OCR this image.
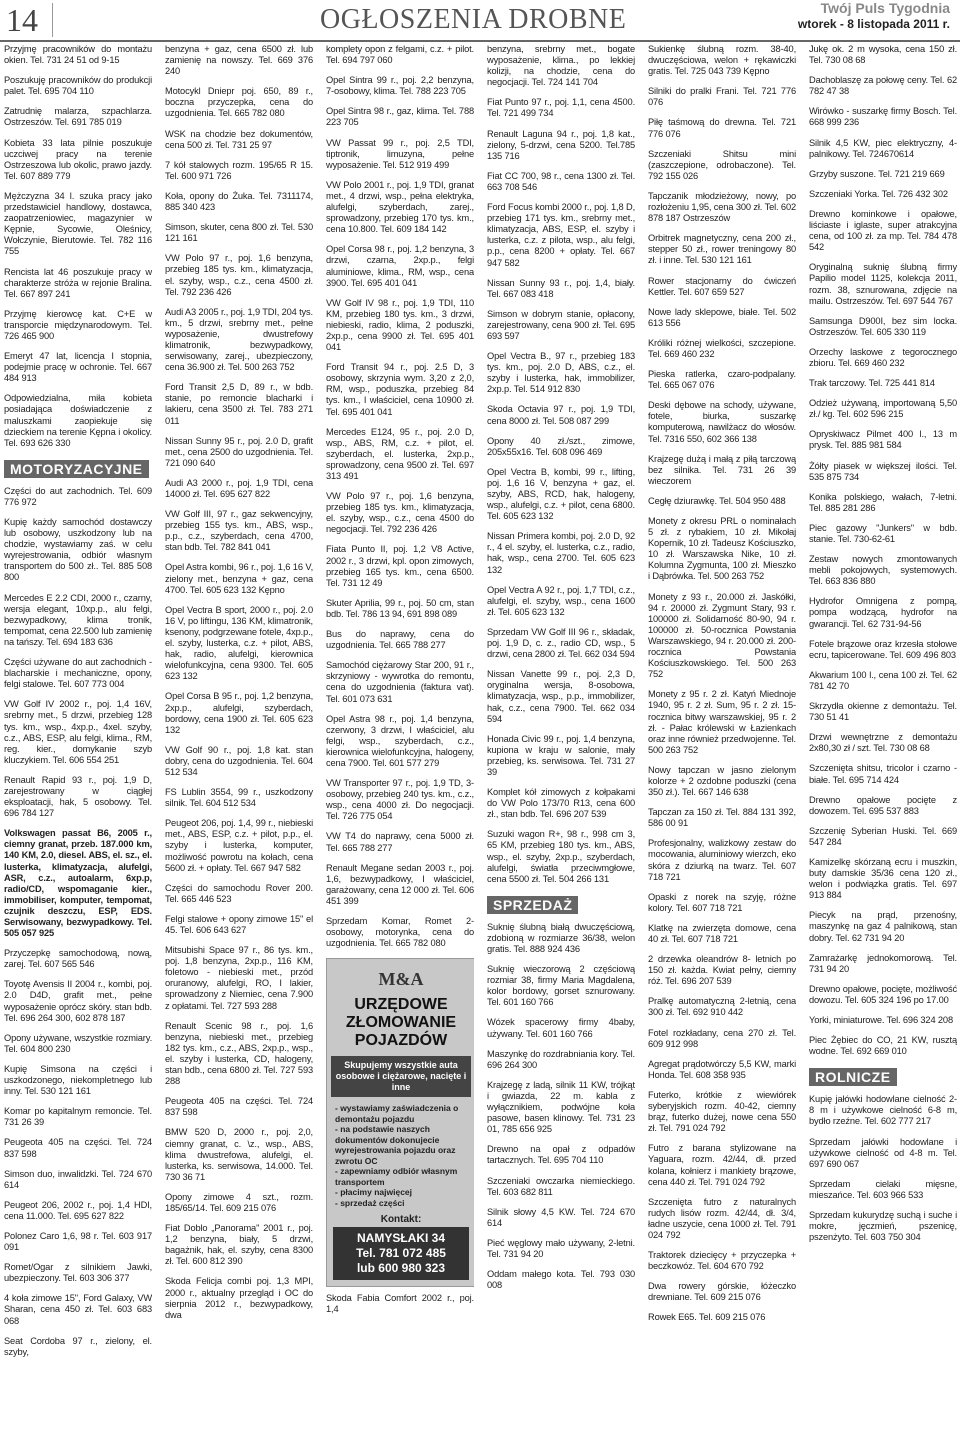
14	OGŁOSZENIA DROBNE	Twój Puls Tygodnia
wtorek - 8 listopada 2011 r.

Przyjmę pracowników do montażu okien. Tel. 731 24 51 od 9-15

Poszukuję pracowników do produkcji palet. Tel. 695 704 110

Zatrudnię malarza, szpachlarza. Ostrzeszów. Tel. 691 785 019

Kobieta 33 lata pilnie poszukuje uczciwej pracy na terenie Ostrzeszowa lub okolic, prawo jazdy. Tel. 607 889 779

Mężczyzna 34 l. szuka pracy jako przedstawiciel handlowy, dostawca, zaopatrzeniowiec, magazynier w Kępnie, Sycowie, Oleśnicy, Wołczynie, Bierutowie. Tel. 782 116 755

Rencista lat 46 poszukuje pracy w charakterze stróża w rejonie Bralina. Tel. 667 897 241

Przyjmę kierowcę kat. C+E w transporcie międzynarodowym. Tel. 726 465 900

Emeryt 47 lat, licencja I stopnia, podejmie pracę w ochronie. Tel. 667 484 913

Odpowiedzialna, miła kobieta posiadająca doświadczenie z maluszkami zaopiekuje się dzieckiem na terenie Kępna i okolicy. Tel. 693 626 330

MOTORYZACYJNE

Części do aut zachodnich. Tel. 609 776 972

Kupię każdy samochód dostawczy lub osobowy, uszkodzony lub na chodzie, wystawiamy zaś. w celu wyrejestrowania, odbiór własnym transportem do 500 zł.. Tel. 885 508 800

Mercedes E 2.2 CDI, 2000 r., czarny, wersja elegant, 10xp.p., alu felgi, bezwypadkowy, klima tronik, tempomat, cena 22.500 lub zamienię na tańszy. Tel. 694 183 636

Części używane do aut zachodnich - blacharskie i mechaniczne, opony, felgi stalowe. Tel. 607 773 004

VW Golf IV 2002 r., poj. 1,4 16V, srebrny met., 5 drzwi, przebieg 128 tys. km., wsp., 4xp.p., 4xel. szyby, c.z., ABS, ESP, alu felgi, klima., RM, reg. kier., domykanie szyb kluczykiem. Tel. 606 554 251

Renault Rapid 93 r., poj. 1,9 D, zarejestrowany w ciągłej eksploatacji, hak, 5 osobowy. Tel. 696 784 127

Volkswagen passat B6, 2005 r., ciemny granat, przeb. 187.000 km, 140 KM, 2.0, diesel. ABS, el. sz., el. lusterka, klimatyzacja, alufelgi, ASR, c.z., autoalarm, 6xp.p, radio/CD, wspomaganie kier., immobiliser, komputer, tempomat, czujnik deszczu, ESP, EDS. Serwisowany, bezwypadkowy. Tel. 505 057 925

Przyczepkę samochodową, nową, zarej. Tel. 607 565 546

Toyotę Avensis II 2004 r., kombi, poj. 2.0 D4D, grafit met., pełne wyposażenie oprócz skóry. stan bdb. Tel. 696 264 300, 602 878 187

Opony używane, wszystkie rozmiary. Tel. 604 800 230

Kupię Simsona na części i uszkodzonego, niekompletnego lub inny. Tel. 530 121 161

Komar po kapitalnym remoncie. Tel. 731 26 39

Peugeota 405 na części. Tel. 724 837 598

Simson duo, inwalidzki. Tel. 724 670 614

Peugeot 206, 2002 r., poj. 1,4 HDI, cena 11.000. Tel. 695 627 822

Polonez Caro 1,6, 98 r. Tel. 603 917 091

Romet/Ogar z silnikiem Jawki, ubezpieczony. Tel. 603 306 377

4 koła zimowe 15", Ford Galaxy, VW Sharan, cena 450 zł. Tel. 603 683 068

Seat Cordoba 97 r., zielony, el. szyby,

benzyna + gaz, cena 6500 zł. lub zamienię na nowszy. Tel. 669 376 240

Motocykl Dniepr poj. 650, 89 r., boczna przyczepka, cena do uzgodnienia. Tel. 665 782 080

WSK na chodzie bez dokumentów, cena 500 zł. Tel. 731 25 97

7 kół stalowych rozm. 195/65 R 15. Tel. 600 971 726

Koła, opony do Żuka. Tel. 7311174, 885 340 423

Simson, skuter, cena 800 zł. Tel. 530 121 161

VW Polo 97 r., poj. 1,6 benzyna, przebieg 185 tys. km., klimatyzacja, el. szyby, wsp., c.z., cena 4500 zł. Tel. 792 236 426

Audi A3 2005 r., poj. 1,9 TDI, 204 tys. km., 5 drzwi, srebrny met., pełne wyposażenie, dwustrefowy klimatronik, bezwypadkowy, serwisowany, zarej., ubezpieczony, cena 36.900 zł. Tel. 500 263 752

Ford Transit 2,5 D, 89 r., w bdb. stanie, po remoncie blacharki i lakieru, cena 3500 zł. Tel. 783 271 011

Nissan Sunny 95 r., poj. 2.0 D, grafit met., cena 2500 do uzgodnienia. Tel. 721 090 640

Audi A3 2000 r., poj. 1,9 TDI, cena 14000 zł. Tel. 695 627 822

VW Golf III, 97 r., gaz sekwencyjny, przebieg 155 tys. km., ABS, wsp., p.p., c.z., szyberdach, cena 4700, stan bdb. Tel. 782 841 041

Opel Astra kombi, 96 r., poj. 1,6 16 V, zielony met., benzyna + gaz, cena 4700. Tel. 605 623 132 Kępno

Opel Vectra B sport, 2000 r., poj. 2.0 16 V, po liftingu, 136 KM, klimatronik, ksenony, podgrzewane fotele, 4xp.p., el. szyby, lusterka, c.z. + pilot, ABS, hak, radio, alufelgi, kierownica wielofunkcyjna, cena 9300. Tel. 605 623 132

Opel Corsa B 95 r., poj. 1,2 benzyna, 2xp.p., alufelgi, szyberdach, bordowy, cena 1900 zł. Tel. 605 623 132

VW Golf 90 r., poj. 1,8 kat. stan dobry, cena do uzgodnienia. Tel. 604 512 534

FS Lublin 3554, 99 r., uszkodzony silnik. Tel. 604 512 534

Peugeot 206, poj. 1,4, 99 r., niebieski met., ABS, ESP, c.z. + pilot, p.p., el. szyby i lusterka, komputer, możliwość powrotu na kołach, cena 5600 zł. + opłaty. Tel. 667 947 582

Części do samochodu Rover 200. Tel. 665 446 523

Felgi stalowe + opony zimowe 15" el 45. Tel. 606 643 627

Mitsubishi Space 97 r., 86 tys. km., poj. 1,8 benzyna, 2xp.p., 116 KM, foletowo - niebieski met., przód oruranowy, alufelgi, RO, I lakier, sprowadzony z Niemiec, cena 7.900 z opłatami. Tel. 727 593 288

Renault Scenic 98 r., poj. 1,6 benzyna, niebieski met., przebieg 182 tys. km., c.z., ABS, 2xp.p., wsp., el. szyby i lusterka, CD, halogeny, stan bdb., cena 6800 zł. Tel. 727 593 288

Peugeota 405 na części. Tel. 724 837 598

BMW 520 D, 2000 r., poj. 2,0, ciemny granat, c. \z., wsp., ABS, klima dwustrefowa, alufelgi, el. lusterka, ks. serwisowa, 14.000. Tel. 730 36 71

Opony zimowe 4 szt., rozm. 185/65/14. Tel. 609 215 076

Fiat Doblo „Panorama" 2001 r., poj. 1,2 benzyna, biały, 5 drzwi, bagażnik, hak, el. szyby, cena 8300 zł. Tel. 600 812 390

Skoda Felicja combi poj. 1,3 MPI, 2000 r., aktualny przegląd i OC do sierpnia 2012 r., bezwypadkowy, dwa

komplety opon z felgami, c.z. + pilot. Tel. 694 797 060

Opel Sintra 99 r., poj. 2,2 benzyna, 7-osobowy, klima. Tel. 788 223 705

Opel Sintra 98 r., gaz, klima. Tel. 788 223 705

VW Passat 99 r., poj. 2,5 TDI, tiptronik, limuzyna, pełne wyposażenie. Tel. 512 919 499

VW Polo 2001 r., poj. 1,9 TDI, granat met., 4 drzwi, wsp., pełna elektryka, alufelgi, szyberdach, zarej., sprowadzony, przebieg 170 tys. km., cena 10.800. Tel. 609 184 142

Opel Corsa 98 r., poj. 1,2 benzyna, 3 drzwi, czarna, 2xp.p., felgi aluminiowe, klima., RM, wsp., cena 3900. Tel. 695 401 041

VW Golf IV 98 r., poj. 1,9 TDI, 110 KM, przebieg 180 tys. km., 3 drzwi, niebieski, radio, klima, 2 poduszki, 2xp.p., cena 9900 zł. Tel. 695 401 041

Ford Transit 94 r., poj. 2.5 D, 3 osobowy, skrzynia wym. 3,20 z 2,0, RM, wsp., poduszka, przebieg 84 tys. km., I właściciel, cena 10900 zł. Tel. 695 401 041

Mercedes E124, 95 r., poj. 2.0 D, wsp., ABS, RM, c.z. + pilot, el. szyberdach, el. lusterka, 2xp.p., sprowadzony, cena 9500 zł. Tel. 697 313 491

VW Polo 97 r., poj. 1,6 benzyna, przebieg 185 tys. km., klimatyzacja, el. szyby, wsp., c.z., cena 4500 do negocjacji. Tel. 792 236 426

Fiata Punto II, poj. 1,2 V8 Active, 2002 r., 3 drzwi, kpl. opon zimowych, przebieg 165 tys. km., cena 6500. Tel. 731 12 49

Skuter Aprilia, 99 r., poj. 50 cm, stan bdb. Tel. 786 13 94, 691 898 089

Bus do naprawy, cena do uzgodnienia. Tel. 665 788 277

Samochód ciężarowy Star 200, 91 r., skrzyniowy - wywrotka do remontu, cena do uzgodnienia (faktura vat). Tel. 601 073 631

Opel Astra 98 r., poj. 1,4 benzyna, czerwony, 3 drzwi, I właściciel, alu felgi, wsp., szyberdach, c.z., kierownica wielofunkcyjna, halogeny, cena 7900. Tel. 601 577 279

VW Transporter 97 r., poj. 1,9 TD, 3-osobowy, przebieg 240 tys. km., c.z., wsp., cena 4000 zł. Do negocjacji. Tel. 726 775 054

VW T4 do naprawy, cena 5000 zł. Tel. 665 788 277

Renault Megane sedan 2003 r., poj. 1,6, bezwypadkowy, I właściciel, garażowany, cena 12 000 zł. Tel. 606 451 399

Sprzedam Komar, Romet 2- osobowy, motorynka, cena do uzgodnienia. Tel. 665 782 080

M&A
URZĘDOWE ZŁOMOWANIE POJAZDÓW
Skupujemy wszystkie auta osobowe i ciężarowe, nacięte i inne
- wystawiamy zaświadczenia o demontażu pojazdu
- na podstawie naszych dokumentów dokonujecie wyrejestrowania pojazdu oraz zwrotu OC
- zapewniamy odbiór własnym transportem
- płacimy najwięcej
- sprzedaż części
Kontakt:
NAMYSŁAKI 34
Tel. 781 072 485
lub 600 980 323

Skoda Fabia Comfort 2002 r., poj. 1,4

benzyna, srebrny met., bogate wyposażenie, klima., po lekkiej kolizji, na chodzie, cena do negocjacji. Tel. 724 141 704

Fiat Punto 97 r., poj. 1,1, cena 4500. Tel. 721 499 734

Renault Laguna 94 r., poj. 1,8 kat., zielony, 5-drzwi, cena 5200. Tel.785 135 716

Fiat CC 700, 98 r., cena 1300 zł. Tel. 663 708 546

Ford Focus kombi 2000 r., poj. 1,8 D, przebieg 171 tys. km., srebrny met., klimatyzacja, ABS, ESP, el. szyby i lusterka, c.z. z pilota, wsp., alu felgi, p.p., cena 8200 + opłaty. Tel. 667 947 582

Nissan Sunny 93 r., poj. 1,4, biały. Tel. 667 083 418

Simson w dobrym stanie, opłacony, zarejestrowany, cena 900 zł. Tel. 695 693 597

Opel Vectra B., 97 r., przebieg 183 tys. km., poj. 2.0 D, ABS, c.z., el. szyby i lusterka, hak, immobilizer, 2xp.p. Tel. 514 912 830

Skoda Octavia 97 r., poj. 1,9 TDI, cena 8000 zł. Tel. 508 087 299

Opony 40 zł./szt., zimowe, 205x55x16. Tel. 608 096 469

Opel Vectra B, kombi, 99 r., lifting, poj. 1,6 16 V, benzyna + gaz, el. szyby, ABS, RCD, hak, halogeny, wsp., alufelgi, c.z. + pilot, cena 6800. Tel. 605 623 132

Nissan Primera kombi, poj. 2.0 D, 92 r., 4 el. szyby, el. lusterka, c.z., radio, hak, wsp., cena 2700. Tel. 605 623 132

Opel Vectra A 92 r., poj. 1,7 TDI, c.z., alufelgi, el. szyby, wsp., cena 1600 zł. Tel. 605 623 132

Sprzedam VW Golf III 96 r., składak, poj. 1,9 D, c. z., radio CD, wsp., 5 drzwi, cena 2800 zł. Tel. 662 034 594

Nissan Vanette 99 r., poj. 2,3 D, oryginalna wersja, 8-osobowa, klimatyzacja, wsp., p.p., immobilizer, hak, c.z., cena 7900. Tel. 662 034 594

Honada Civic 99 r., poj. 1,4 benzyna, kupiona w kraju w salonie, mały przebieg, ks. serwisowa. Tel. 731 27 39

Komplet kół zimowych z kołpakami do VW Polo 173/70 R13, cena 600 zł., stan bdb. Tel. 696 207 539

Suzuki wagon R+, 98 r., 998 cm 3, 65 KM, przebieg 180 tys. km., ABS, wsp., el. szyby, 2xp.p., szyberdach, alufelgi, światła przeciwmgłowe, cena 5500 zł. Tel. 504 266 131

SPRZEDAŻ

Suknię ślubną białą dwuczęściową, zdobioną w rozmiarze 36/38, welon gratis. Tel. 888 924 436

Suknię wieczorową 2 częściową rozmiar 38, firmy Maria Magdalena, kolor bordowy, gorset sznurowany. Tel. 601 160 766

Wózek spacerowy firmy 4baby, używany. Tel. 601 160 766

Maszynkę do rozdrabniania kory. Tel. 696 264 300

Krajzegę z ladą, silnik 11 KW, trójkąt i gwiazda, 22 m. kabla z wyłącznikiem, podwójne koła pasowe, basen klinowy. Tel. 731 23 01, 785 656 925

Drewno na opał z odpadów tartacznych. Tel. 695 704 110

Szczeniaki owczarka niemieckiego. Tel. 603 682 811

Silnik słowy 4,5 KW. Tel. 724 670 614

Pieć węglowy mało używany, 2-letni. Tel. 731 94 20

Oddam małego kota. Tel. 793 030 008

Sukienkę ślubną rozm. 38-40, dwuczęściowa, welon + rękawiczki gratis. Tel. 725 043 739 Kępno

Silniki do pralki Frani. Tel. 721 776 076

Piłę taśmową do drewna. Tel. 721 776 076

Szczeniaki Shitsu mini (zaszczepione, odrobaczone). Tel. 792 155 026

Tapczanik młodzieżowy, nowy, po rozłożeniu 1,95, cena 300 zł. Tel. 602 878 187 Ostrzeszów

Orbitrek magnetyczny, cena 200 zł., stepper 50 zł., rower treningowy 80 zł. i inne. Tel. 530 121 161

Rower stacjonarny do ćwiczeń Kettler. Tel. 607 659 527

Nowe lady sklepowe, białe. Tel. 502 613 556

Króliki różnej wielkości, szczepione. Tel. 669 460 232

Pieska ratlerka, czaro-podpalany. Tel. 665 067 076

Deski dębowe na schody, używane, fotele, biurka, suszarkę komputerową, nawilżacz do włosów. Tel. 7316 550, 602 366 138

Krajzegę dużą i małą z piłą tarczową bez silnika. Tel. 731 26 39 wieczorem

Cegłę dziurawkę. Tel. 504 950 488

Monety z okresu PRL o nominałach 5 zł. z rybakiem, 10 zł. Mikołaj Kopernik, 10 zł. Tadeusz Kościuszko, 10 zł. Warszawska Nike, 10 zł. Kolumna Zygmunta, 100 zł. Mieszko i Dąbrówka. Tel. 500 263 752

Monety z 93 r., 20.000 zł. Jaskółki, 94 r. 20000 zł. Zygmunt Stary, 93 r. 100000 zł. Solidarność 80-90, 94 r. 100000 zł. 50-rocznica Powstania Warszawskiego, 94 r. 20.000 zł. 200-rocznica Powstania Kościuszkowskiego. Tel. 500 263 752

Monety z 95 r. 2 zł. Katyń Miednoje 1940, 95 r. 2 zł. Sum, 95 r. 2 zł. 15-rocznica bitwy warszawskiej, 95 r. 2 zł. - Pałac królewski w Łazienkach oraz inne również przedwojenne. Tel. 500 263 752

Nowy tapczan w jasno zielonym kolorze + 2 ozdobne poduszki (cena 350 zł.). Tel. 667 146 638

Tapczan za 150 zł. Tel. 884 131 392, 586 00 91

Profesjonalny, walizkowy zestaw do mocowania, aluminiowy wierzch, eko skóra z dziurką na twarz. Tel. 607 718 721

Opaski z norek na szyję, różne kolory. Tel. 607 718 721

Klatkę na zwierzęta domowe, cena 40 zł. Tel. 607 718 721

2 drzewka oleandrów 8- letnich po 150 zł. każda. Kwiat pełny, ciemny róż. Tel. 696 207 539

Pralkę automatyczną 2-letnią, cena 300 zł. Tel. 692 910 442

Fotel rozkładany, cena 270 zł. Tel. 609 912 998

Agregat prądotwórczy 5,5 KW, marki Honda. Tel. 608 358 935

Futerko, krótkie z wiewiórek syberyjskich rozm. 40-42, ciemny brąz, futerko dużej, nowe cena 550 zł. Tel. 791 024 792

Futro z barana stylizowane na Yaguara, rozm. 42/44, dł. przed kolana, kołnierz i mankiety brązowe, cena 440 zł. Tel. 791 024 792

Szczenięta futro z naturalnych rudych lisów rozm. 42/44, dł. 3/4, ładne uszycie, cena 1000 zł. Tel. 791 024 792

Traktorek dziecięcy + przyczepka + beczkowóz. Tel. 604 670 792

Dwa rowery górskie, łóżeczko drewniane. Tel. 609 215 076

Rowek E65. Tel. 609 215 076

Jukę ok. 2 m wysoka, cena 150 zł. Tel. 730 08 68

Dachoblaszę za połowę ceny. Tel. 62 782 47 38

Wirówko - suszarkę firmy Bosch. Tel. 668 999 236

Silnik 4,5 KW, piec elektryczny, 4-palnikowy. Tel. 724670614

Grzyby suszone. Tel. 721 219 669

Szczeniaki Yorka. Tel. 726 432 302

Drewno kominkowe i opałowe, liściaste i iglaste, super atrakcyjna cena, od 100 zł. za mp. Tel. 784 478 542

Oryginalną suknię ślubną firmy Papilio model 1125, kolekcja 2011, rozm. 38, sznurowana, zdjęcie na mailu. Ostrzeszów. Tel. 697 544 767

Samsunga D900I, bez sim locka. Ostrzeszów. Tel. 605 330 119

Orzechy laskowe z tegorocznego zbioru. Tel. 669 460 232

Trak tarczowy. Tel. 725 441 814

Odzież używaną, importowaną 5,50 zł./ kg. Tel. 602 596 215

Opryskiwacz Pilmet 400 l., 13 m prysk. Tel. 885 981 584

Żółty piasek w większej ilości. Tel. 535 875 734

Konika polskiego, wałach, 7-letni. Tel. 885 281 286

Piec gazowy "Junkers" w bdb. stanie. Tel. 730-62-61

Zestaw nowych zmontowanych mebli pokojowych, systemowych. Tel. 663 836 880

Hydrofor Omnigena z pompą, pompa wodzącą, hydrofor na gwarancji. Tel. 62 731-94-56

Fotele brązowe oraz krzesła stołowe ecru, tapicerowane. Tel. 609 496 803

Akwarium 100 l., cena 100 zł. Tel. 62 781 42 70

Skrzydła okienne z demontażu. Tel. 730 51 41

Drzwi wewnętrzne z demontażu 2x80,30 zł / szt. Tel. 730 08 68

Szczenięta shitsu, tricolor i czarno - białe. Tel. 695 714 424

Drewno opałowe pocięte z dowozem. Tel. 695 537 883

Szczenię Syberian Huski. Tel. 669 547 284

Kamizelkę skórzaną ecru i muszkin, buty damskie 35/36 cena 120 zł., welon i podwiązka gratis. Tel. 697 913 884

Piecyk na prąd, przenośny, maszynkę na gaz 4 palnikową, stan dobry. Tel. 62 731 94 20

Zamrażarkę jednokomorową. Tel. 731 94 20

Drewno opałowe, pocięte, możliwość dowozu. Tel. 605 324 196 po 17.00

Yorki, miniaturowe. Tel. 696 324 208

Piec Żębiec do CO, 21 KW, rusztą wodne. Tel. 692 669 010

ROLNICZE

Kupię jałówki hodowlane cielność 2-8 m i używkowe cielność 6-8 m, bydło rzeźne. Tel. 602 777 217

Sprzedam jałówki hodowlane i używkowe cielność od 4-8 m. Tel. 697 690 067

Sprzedam cielaki mięsne, mieszańce. Tel. 603 966 533

Sprzedam kukurydzę suchą i suche i mokre, jęczmień, pszenicę, pszenżyto. Tel. 603 750 304
